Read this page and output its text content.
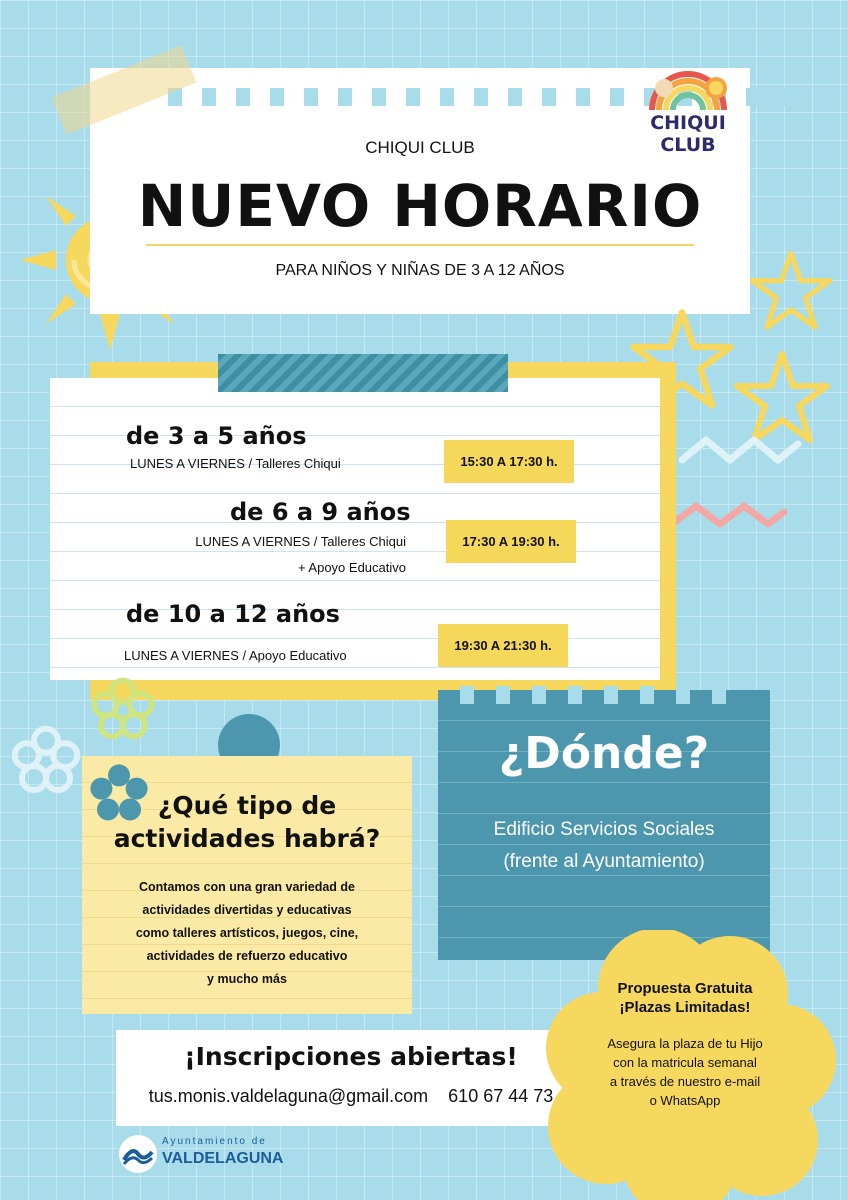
CHIQUI CLUB
NUEVO HORARIO
PARA NIÑOS Y NIÑAS DE 3 A 12 AÑOS
CHIQUI
CLUB
de 3 a 5 años
LUNES A VIERNES / Talleres Chiqui	15:30 A 17:30 h.
de 6 a 9 años
LUNES A VIERNES / Talleres Chiqui
+ Apoyo Educativo
17:30 A 19:30 h.
de 10 a 12 años
LUNES A VIERNES / Apoyo Educativo
19:30 A 21:30 h.
¿Qué tipo de
actividades habrá?
Contamos con una gran variedad de
actividades divertidas y educativas
como talleres artísticos, juegos, cine,
actividades de refuerzo educativo
y mucho más
¿Dónde?
Edificio Servicios Sociales
(frente al Ayuntamiento)
¡Inscripciones abiertas!
tus.monis.valdelaguna@gmail.com 610 67 44 73
Propuesta Gratuita
¡Plazas Limitadas!
Asegura la plaza de tu Hijo
con la matricula semanal
a través de nuestro e-mail
o WhatsApp
Ayuntamiento de
VALDELAGUNA
